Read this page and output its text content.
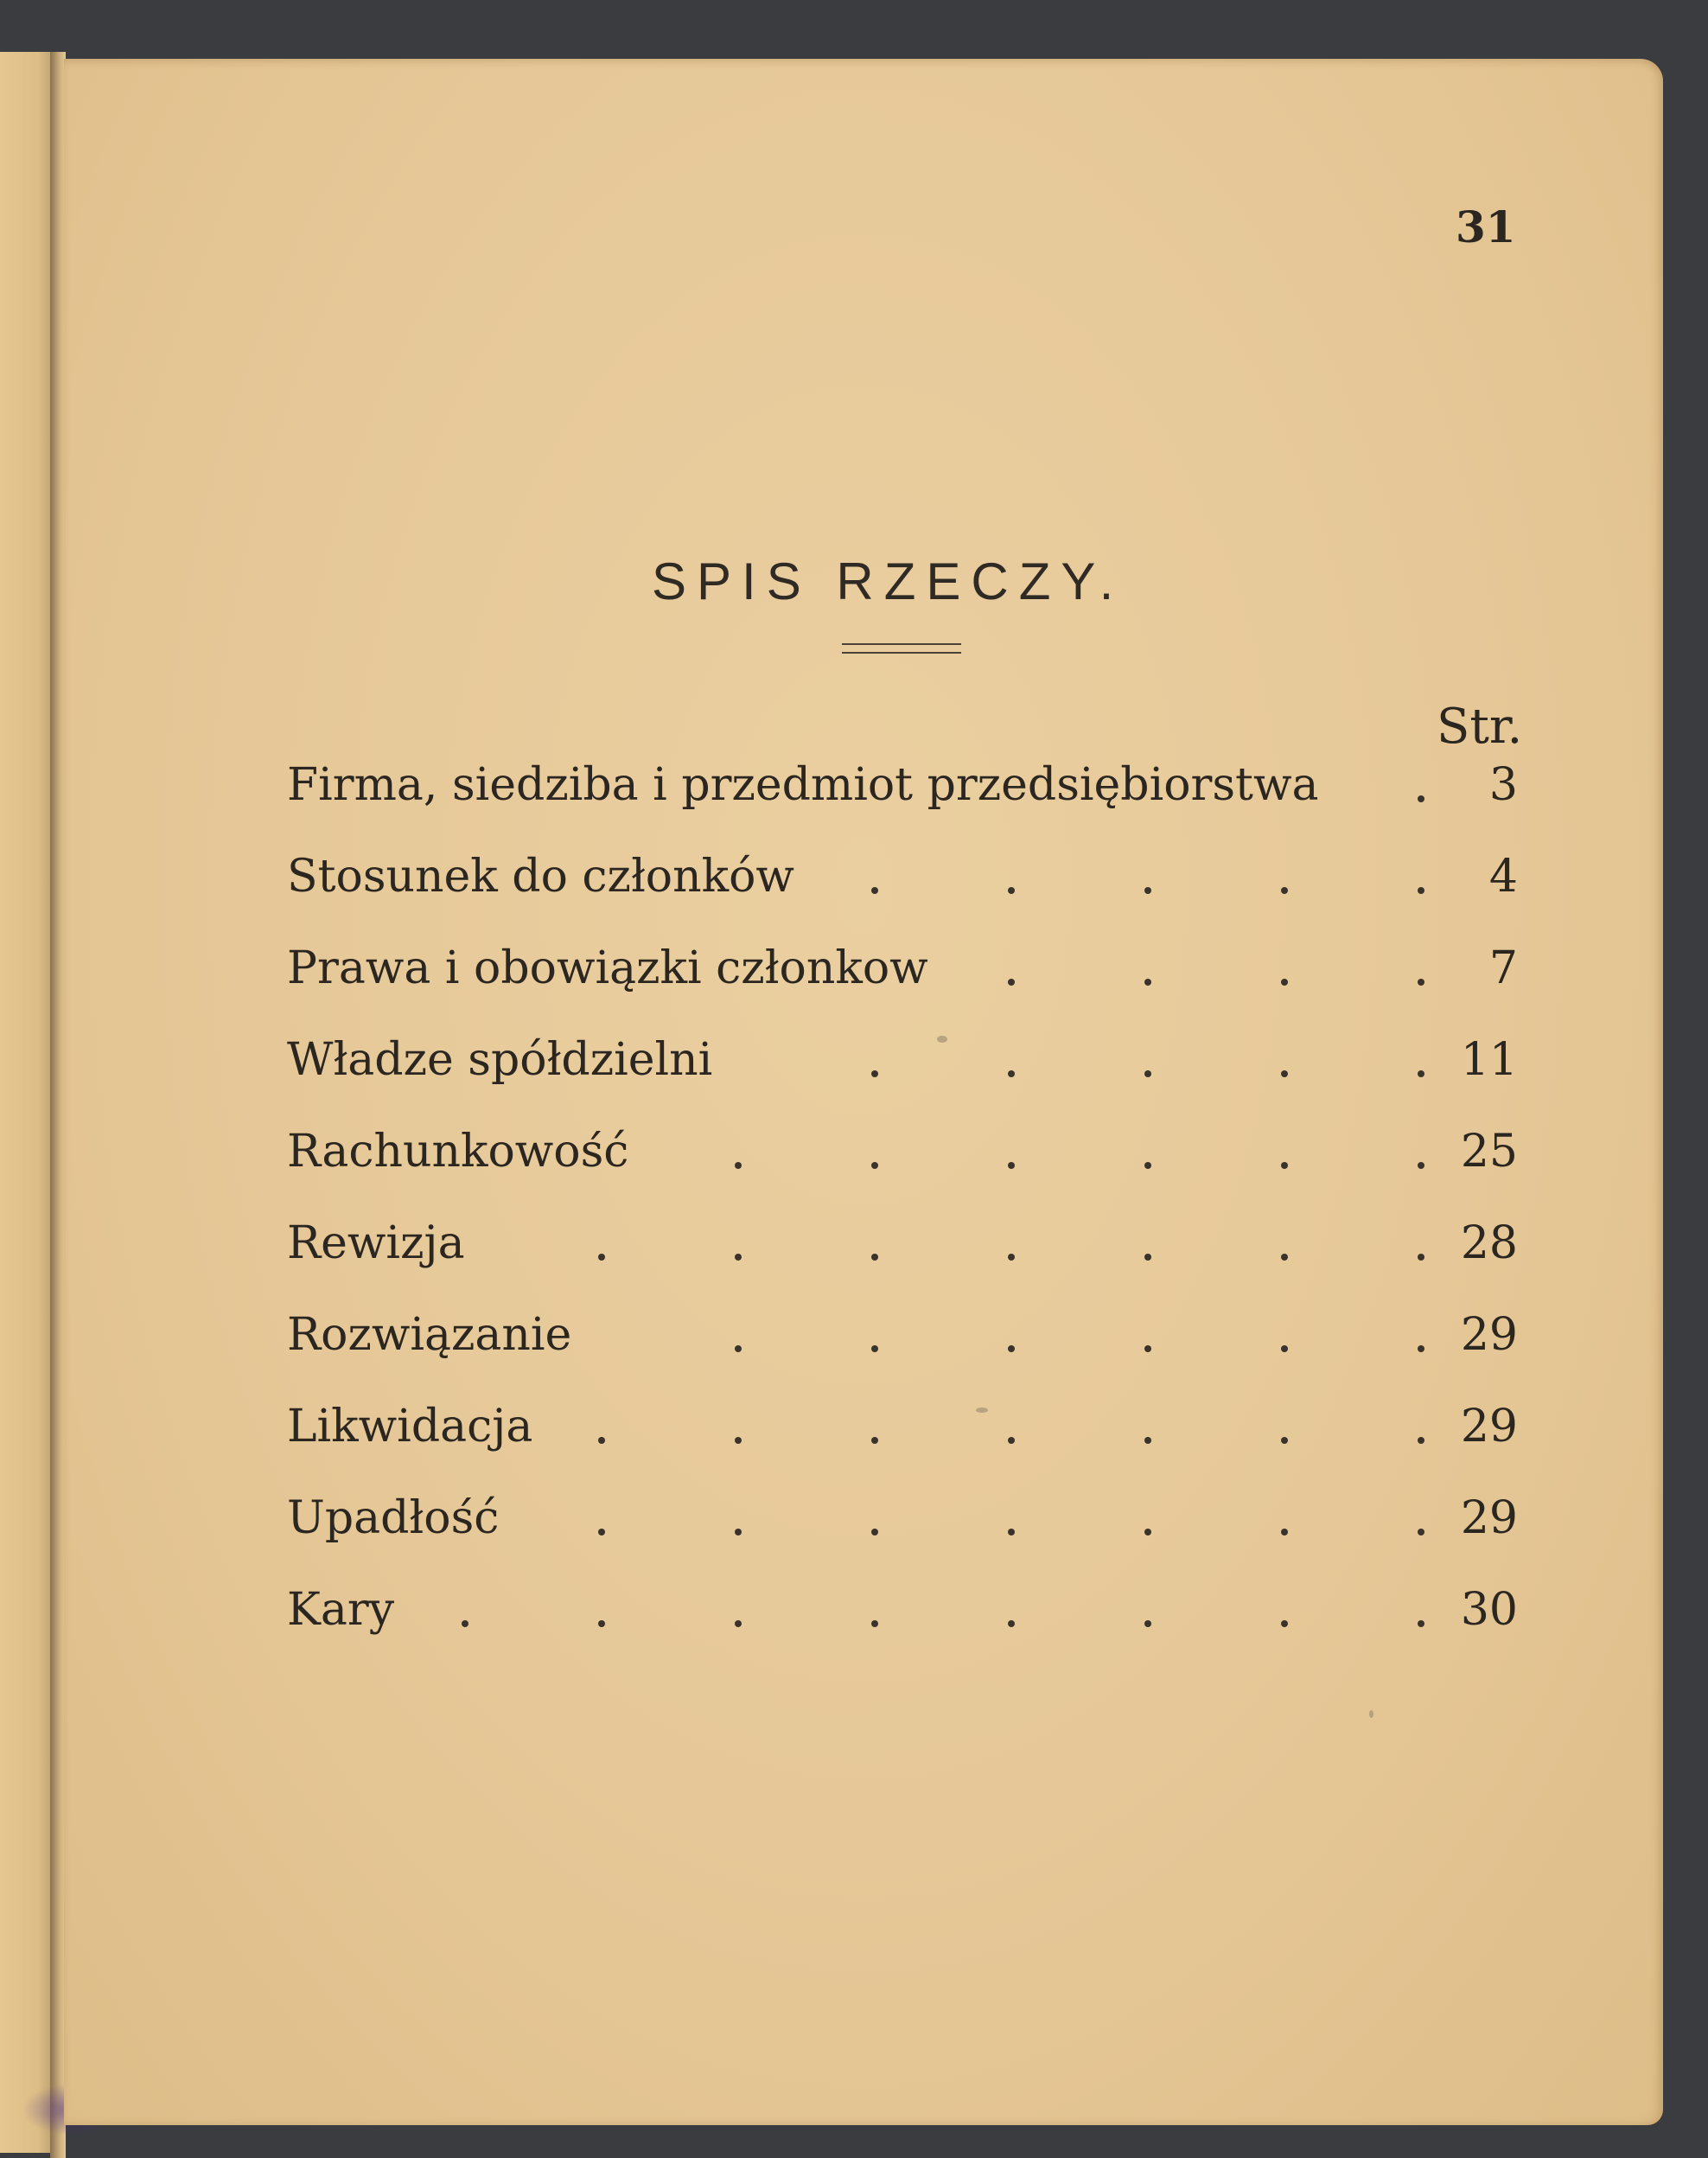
31
SPIS RZECZY.
Str.
Firma, siedziba i przedmiot przedsiębiorstwa	3
Stosunek do członków	4
Prawa i obowiązki członkow	7
Władze spółdzielni	11
Rachunkowość	25
Rewizja	28
Rozwiązanie	29
Likwidacja	29
Upadłość	29
Kary	30
